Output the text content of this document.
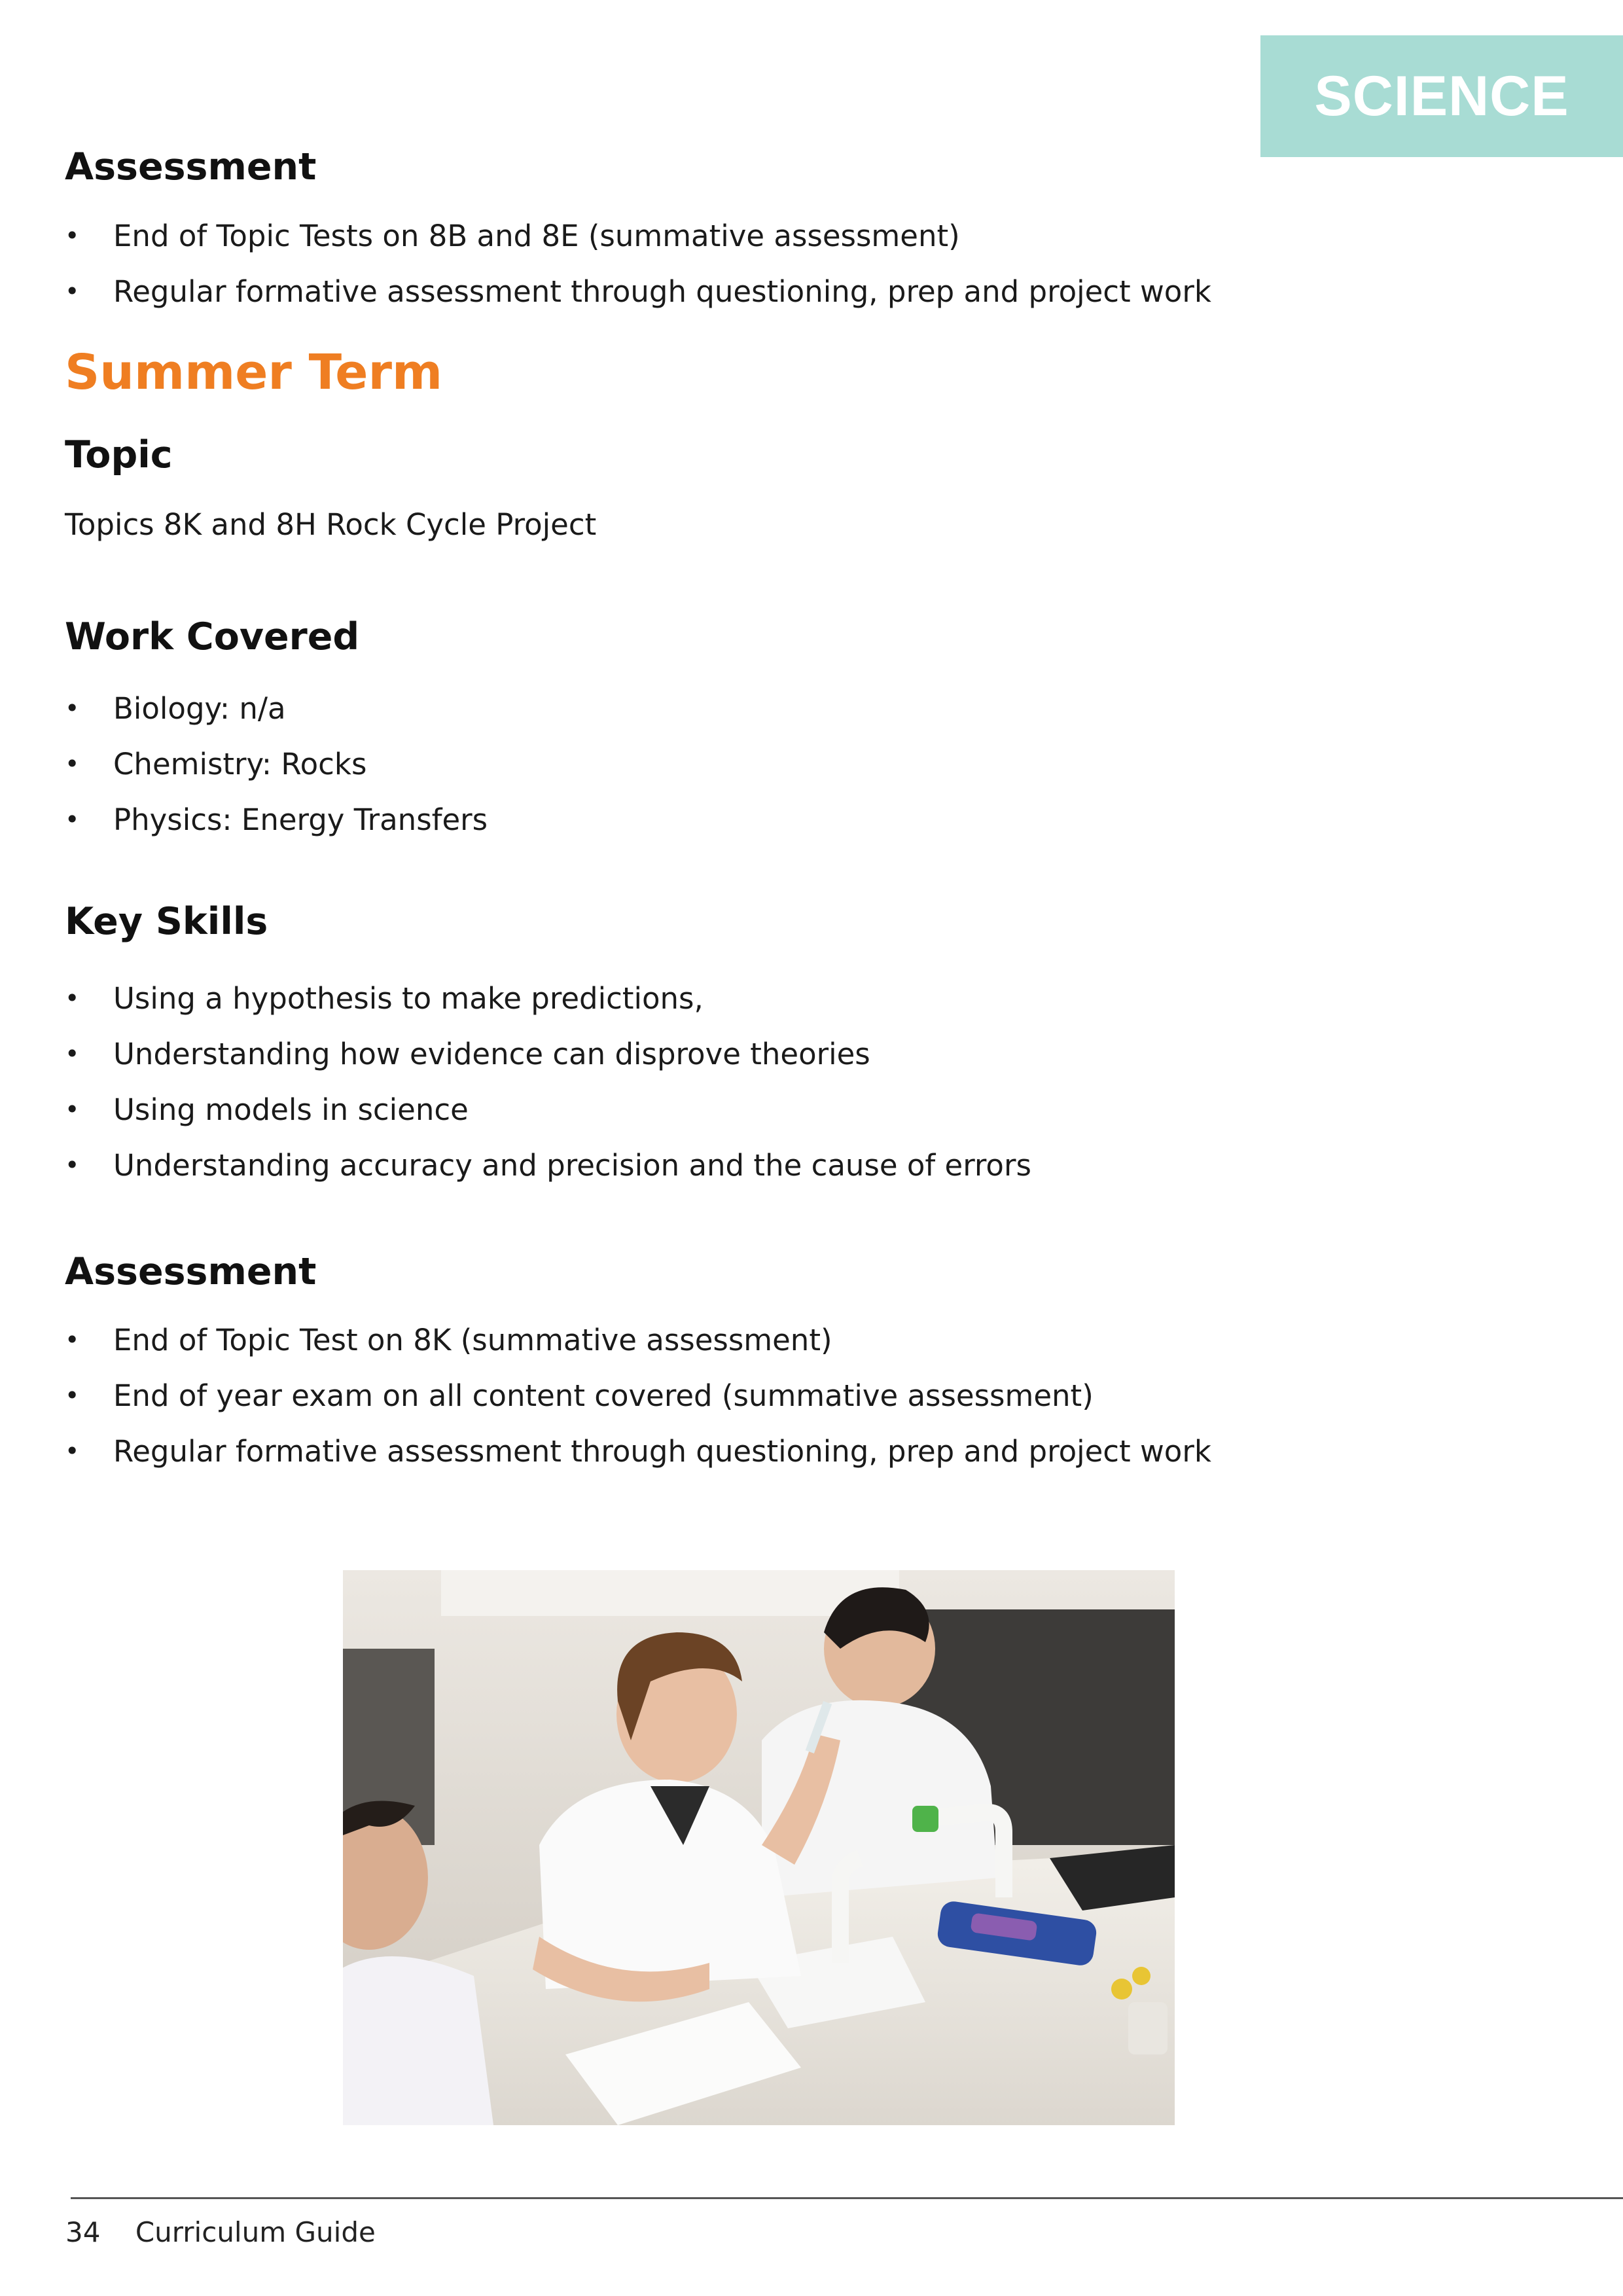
SCIENCE
Assessment
•	End of Topic Tests on 8B and 8E (summative assessment)
•	Regular formative assessment through questioning, prep and project work
Summer Term
Topic

Topics 8K and 8H Rock Cycle Project

Work Covered
•	Biology: n/a
•	Chemistry: Rocks
•	Physics: Energy Transfers
Key Skills
•	Using a hypothesis to make predictions,
•	Understanding how evidence can disprove theories
•	Using models in science
•	Understanding accuracy and precision and the cause of errors
Assessment
•	End of Topic Test on 8K (summative assessment)
•	End of year exam on all content covered (summative assessment)
•	Regular formative assessment through questioning, prep and project work
34 Curriculum Guide
